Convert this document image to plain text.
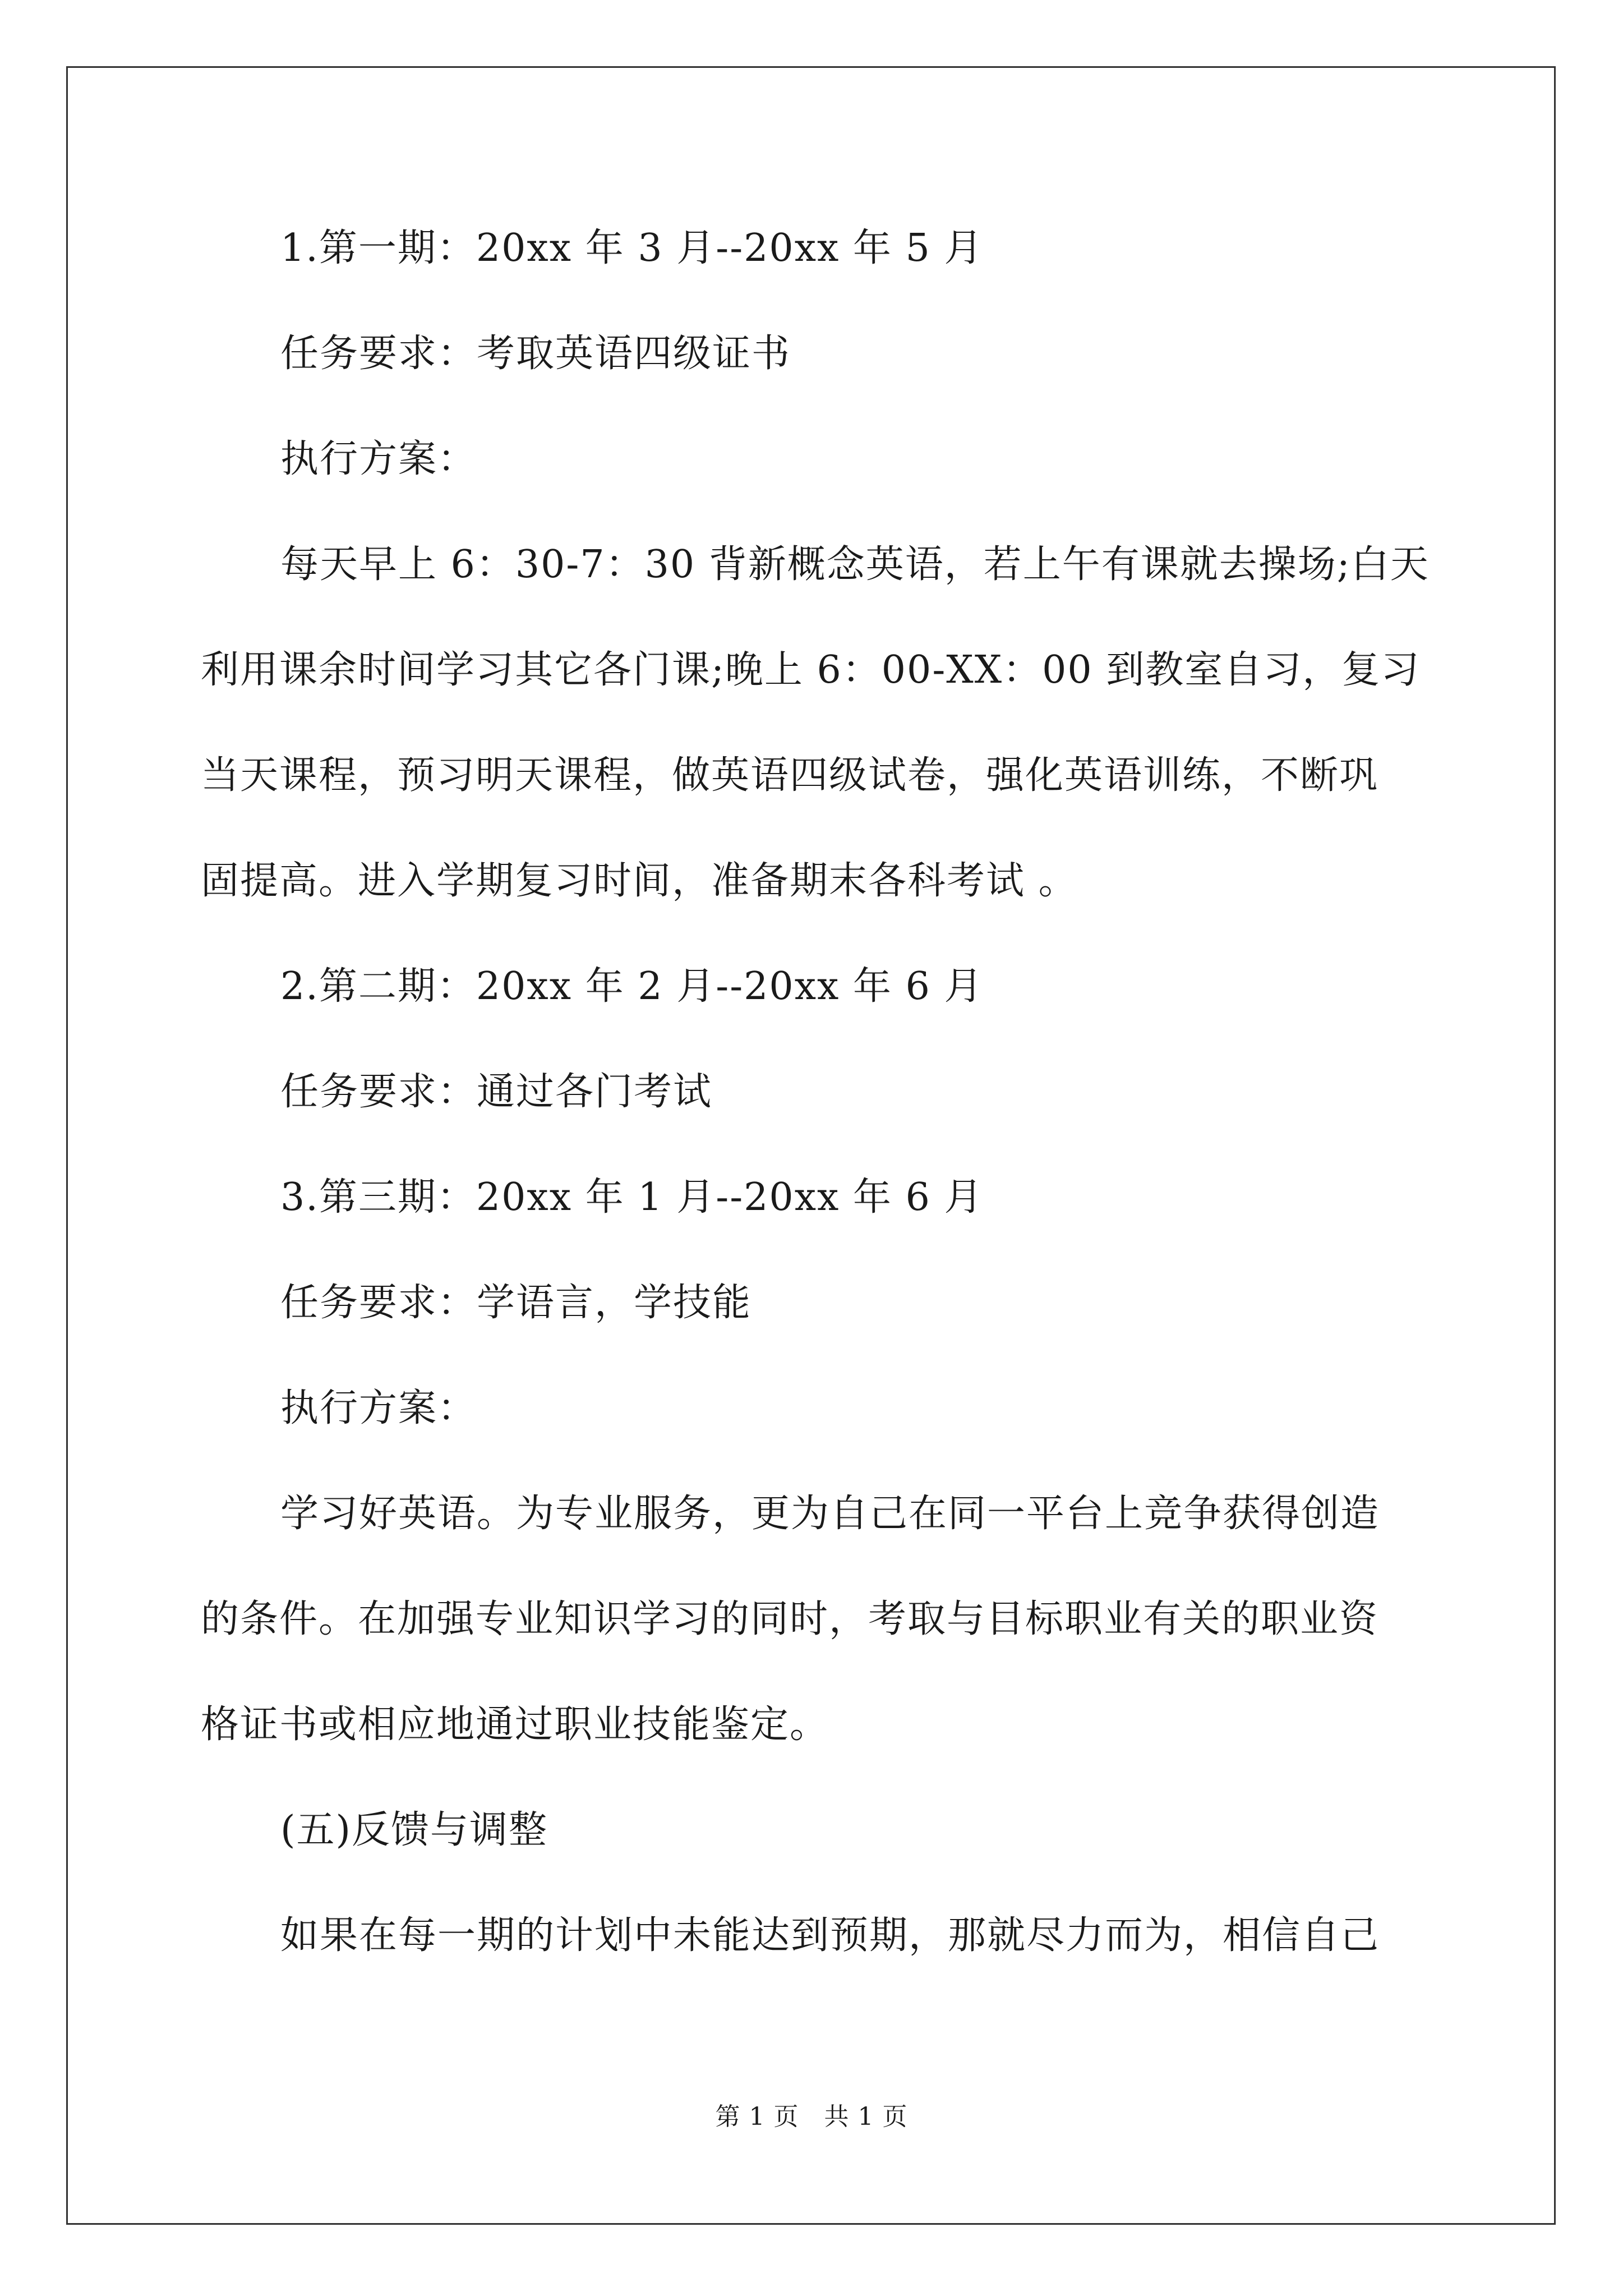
1.第一期：20xx 年 3 月--20xx 年 5 月
任务要求：考取英语四级证书
执行方案：
每天早上 6：30-7：30 背新概念英语，若上午有课就去操场;白天
利用课余时间学习其它各门课;晚上 6：00-XX：00 到教室自习，复习
当天课程，预习明天课程，做英语四级试卷，强化英语训练，不断巩
固提高。进入学期复习时间，准备期末各科考试 。
2.第二期：20xx 年 2 月--20xx 年 6 月
任务要求：通过各门考试
3.第三期：20xx 年 1 月--20xx 年 6 月
任务要求：学语言，学技能
执行方案：
学习好英语。为专业服务，更为自己在同一平台上竞争获得创造
的条件。在加强专业知识学习的同时，考取与目标职业有关的职业资
格证书或相应地通过职业技能鉴定。
(五)反馈与调整
如果在每一期的计划中未能达到预期，那就尽力而为，相信自己
第 1 页　共 1 页
